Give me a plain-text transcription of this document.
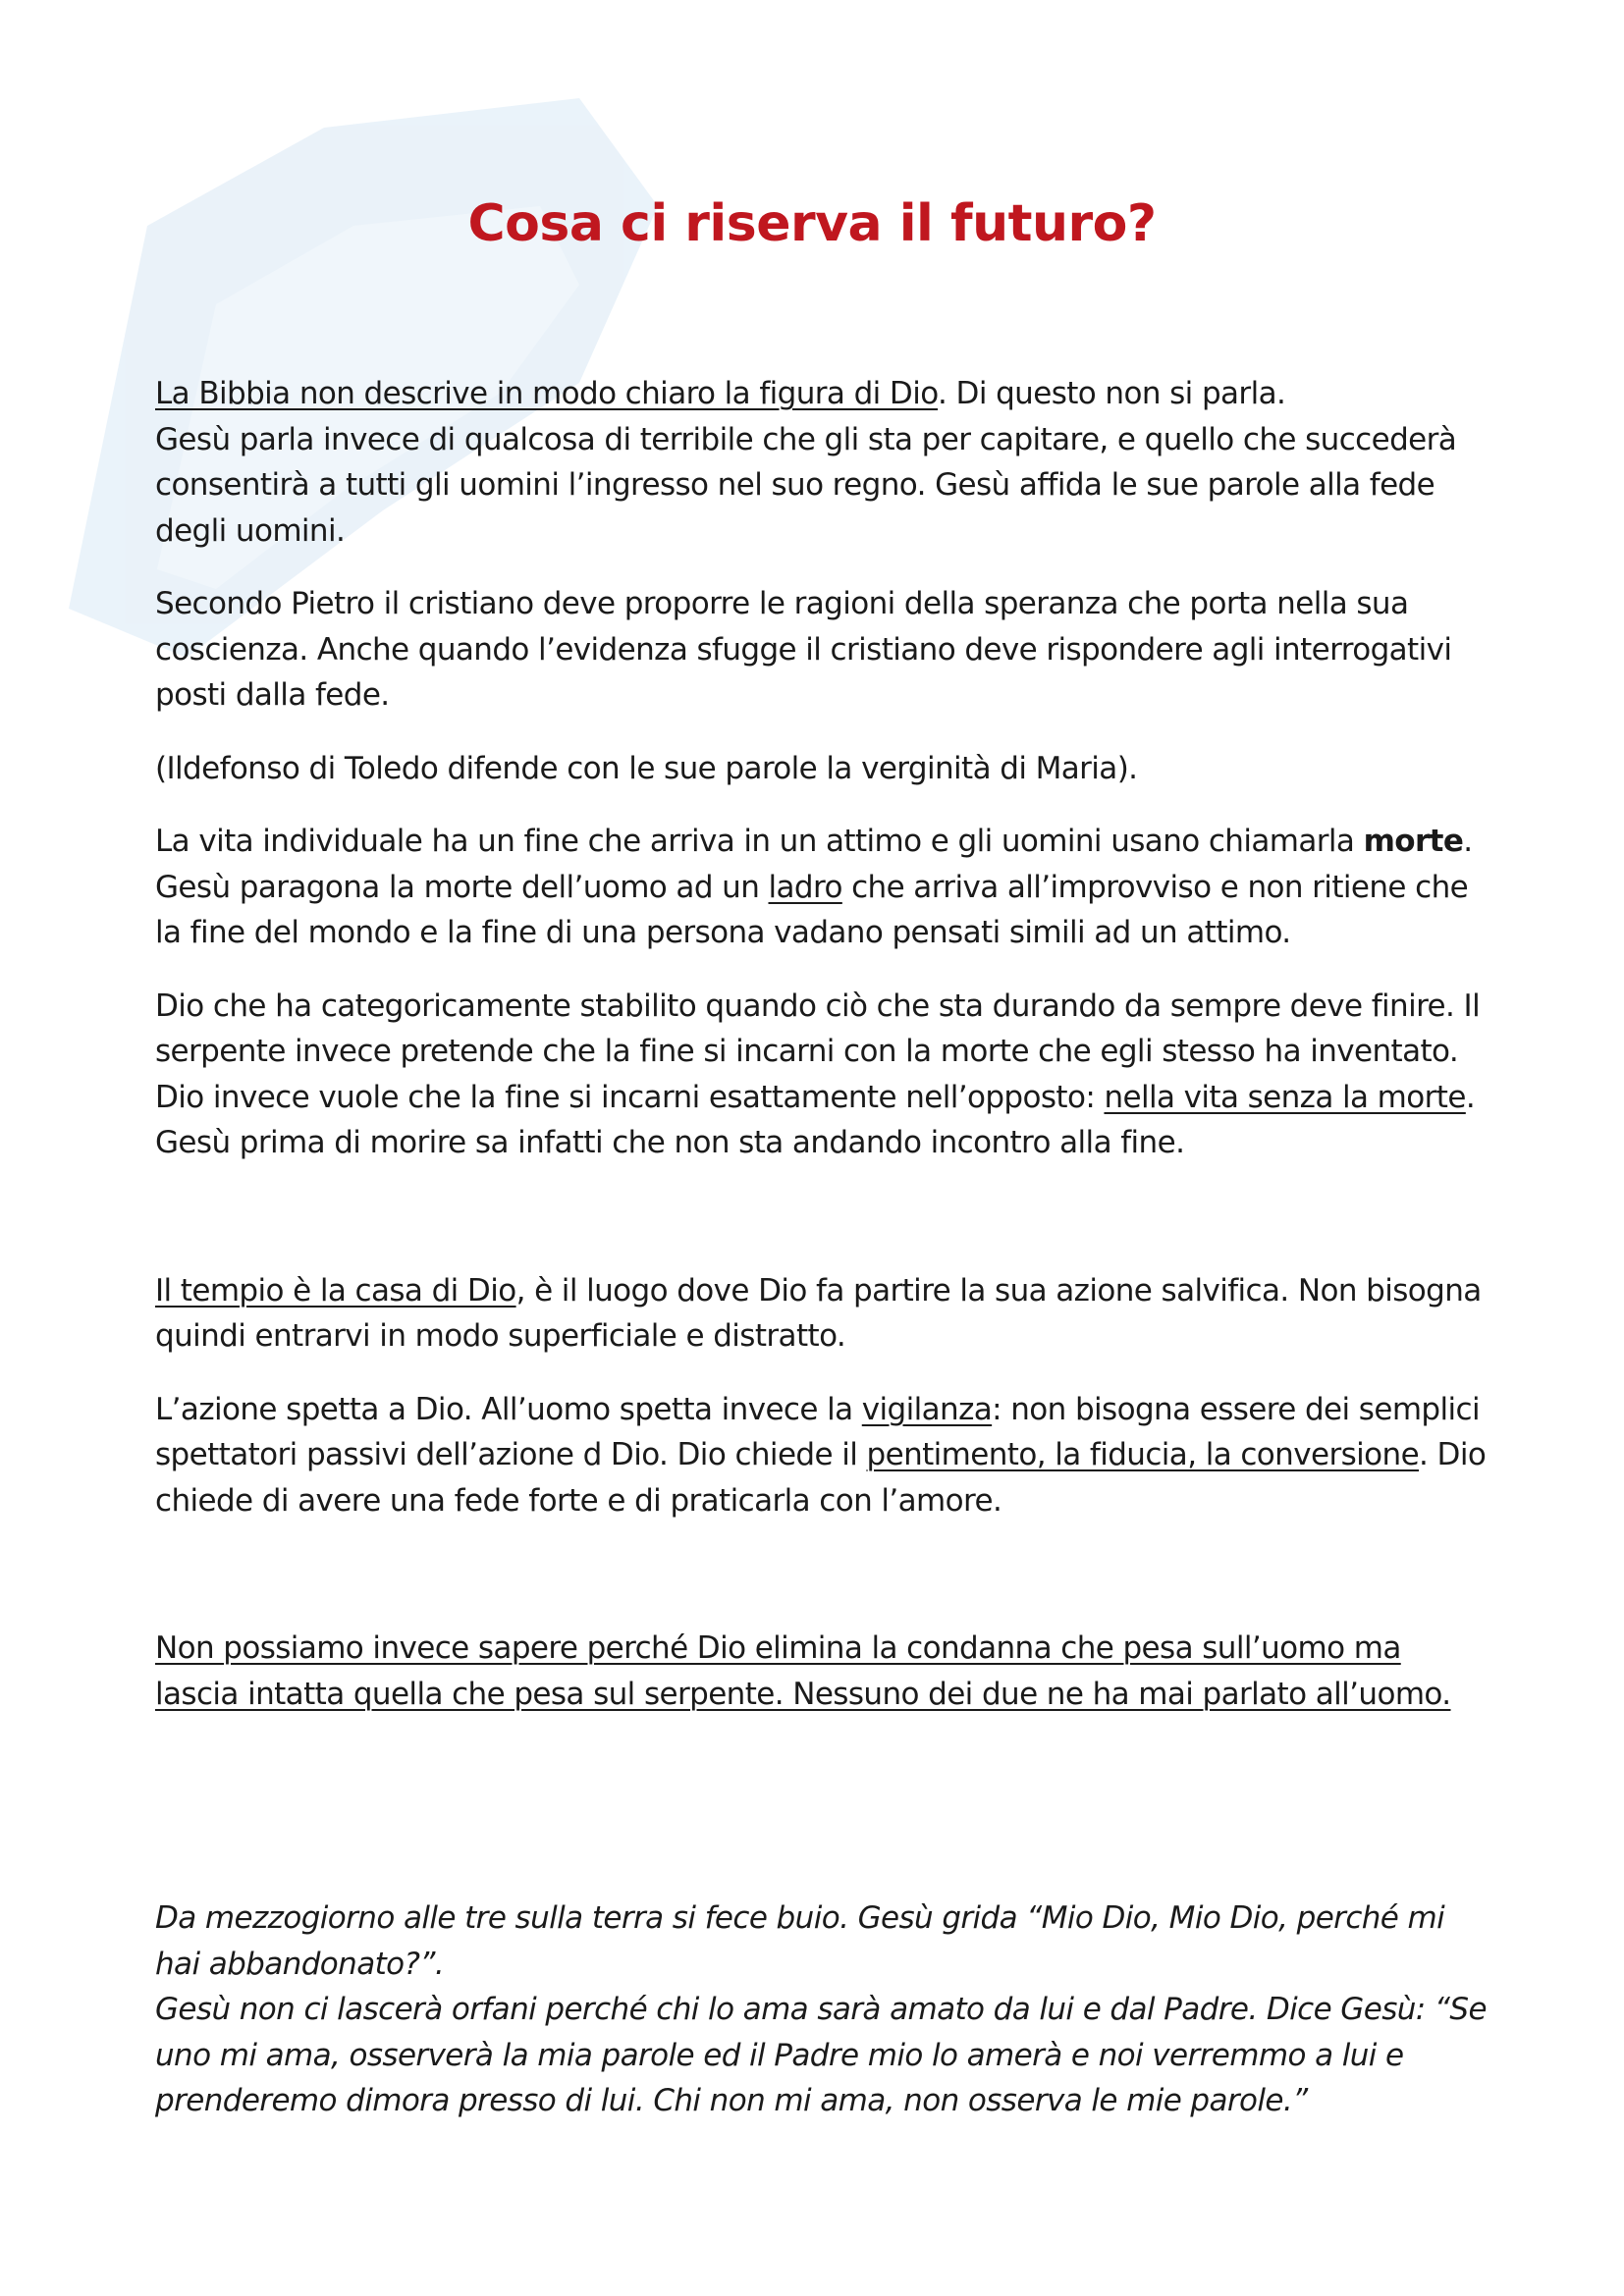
Cosa ci riserva il futuro?

La Bibbia non descrive in modo chiaro la figura di Dio. Di questo non si parla.

Gesù parla invece di qualcosa di terribile che gli sta per capitare, e quello che succederà consentirà a tutti gli uomini l’ingresso nel suo regno. Gesù affida le sue parole alla fede degli uomini.

Secondo Pietro il cristiano deve proporre le ragioni della speranza che porta nella sua coscienza. Anche quando l’evidenza sfugge il cristiano deve rispondere agli interrogativi posti dalla fede.

(Ildefonso di Toledo difende con le sue parole la verginità di Maria).

La vita individuale ha un fine che arriva in un attimo e gli uomini usano chiamarla morte.

Gesù paragona la morte dell’uomo ad un ladro che arriva all’improvviso e non ritiene che la fine del mondo e la fine di una persona vadano pensati simili ad un attimo.

Dio che ha categoricamente stabilito quando ciò che sta durando da sempre deve finire. Il serpente invece pretende che la fine si incarni con la morte che egli stesso ha inventato. Dio invece vuole che la fine si incarni esattamente nell’opposto: nella vita senza la morte.

Gesù prima di morire sa infatti che non sta andando incontro alla fine.

Il tempio è la casa di Dio, è il luogo dove Dio fa partire la sua azione salvifica. Non bisogna quindi entrarvi in modo superficiale e distratto.

L’azione spetta a Dio. All’uomo spetta invece la vigilanza: non bisogna essere dei semplici spettatori passivi dell’azione d Dio. Dio chiede il pentimento, la fiducia, la conversione. Dio chiede di avere una fede forte e di praticarla con l’amore.

Non possiamo invece sapere perché Dio elimina la condanna che pesa sull’uomo ma lascia intatta quella che pesa sul serpente. Nessuno dei due ne ha mai parlato all’uomo.

Da mezzogiorno alle tre sulla terra si fece buio. Gesù grida “Mio Dio, Mio Dio, perché mi hai abbandonato?”.

Gesù non ci lascerà orfani perché chi lo ama sarà amato da lui e dal Padre. Dice Gesù: “Se uno mi ama, osserverà la mia parole ed il Padre mio lo amerà e noi verremmo a lui e prenderemo dimora presso di lui. Chi non mi ama, non osserva le mie parole.”
